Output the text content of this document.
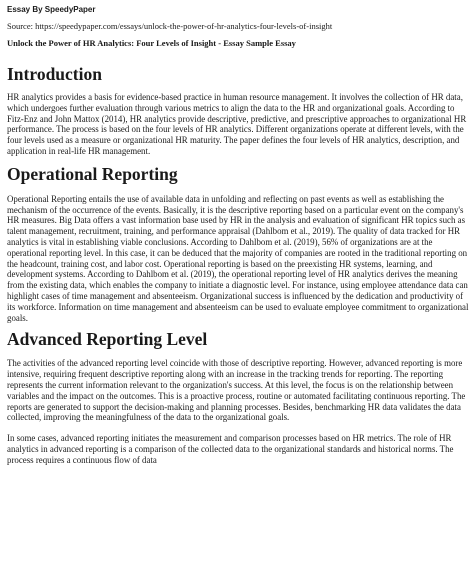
Essay By SpeedyPaper
Source: https://speedypaper.com/essays/unlock-the-power-of-hr-analytics-four-levels-of-insight
Unlock the Power of HR Analytics: Four Levels of Insight - Essay Sample Essay
Introduction

HR analytics provides a basis for evidence-based practice in human resource management. It involves the collection of HR data, which undergoes further evaluation through various metrics to align the data to the HR and organizational goals. According to Fitz-Enz and John Mattox (2014), HR analytics provide descriptive, predictive, and prescriptive approaches to organizational HR performance. The process is based on the four levels of HR analytics. Different organizations operate at different levels, with the four levels used as a measure or organizational HR maturity. The paper defines the four levels of HR analytics, description, and application in real-life HR management.

Operational Reporting

Operational Reporting entails the use of available data in unfolding and reflecting on past events as well as establishing the mechanism of the occurrence of the events. Basically, it is the descriptive reporting based on a particular event on the company's HR measures. Big Data offers a vast information base used by HR in the analysis and evaluation of significant HR topics such as talent management, recruitment, training, and performance appraisal (Dahlbom et al., 2019). The quality of data tracked for HR analytics is vital in establishing viable conclusions. According to Dahlbom et al. (2019), 56% of organizations are at the operational reporting level. In this case, it can be deduced that the majority of companies are rooted in the traditional reporting on the headcount, training cost, and labor cost. Operational reporting is based on the preexisting HR systems, learning, and development systems. According to Dahlbom et al. (2019), the operational reporting level of HR analytics derives the meaning from the existing data, which enables the company to initiate a diagnostic level. For instance, using employee attendance data can highlight cases of time management and absenteeism. Organizational success is influenced by the dedication and productivity of its workforce. Information on time management and absenteeism can be used to evaluate employee commitment to organizational goals.

Advanced Reporting Level

The activities of the advanced reporting level coincide with those of descriptive reporting. However, advanced reporting is more intensive, requiring frequent descriptive reporting along with an increase in the tracking trends for reporting. The reporting represents the current information relevant to the organization's success. At this level, the focus is on the relationship between variables and the impact on the outcomes. This is a proactive process, routine or automated facilitating continuous reporting. The reports are generated to support the decision-making and planning processes. Besides, benchmarking HR data validates the data collected, improving the meaningfulness of the data to the organizational goals.

In some cases, advanced reporting initiates the measurement and comparison processes based on HR metrics. The role of HR analytics in advanced reporting is a comparison of the collected data to the organizational standards and historical norms. The process requires a continuous flow of data
